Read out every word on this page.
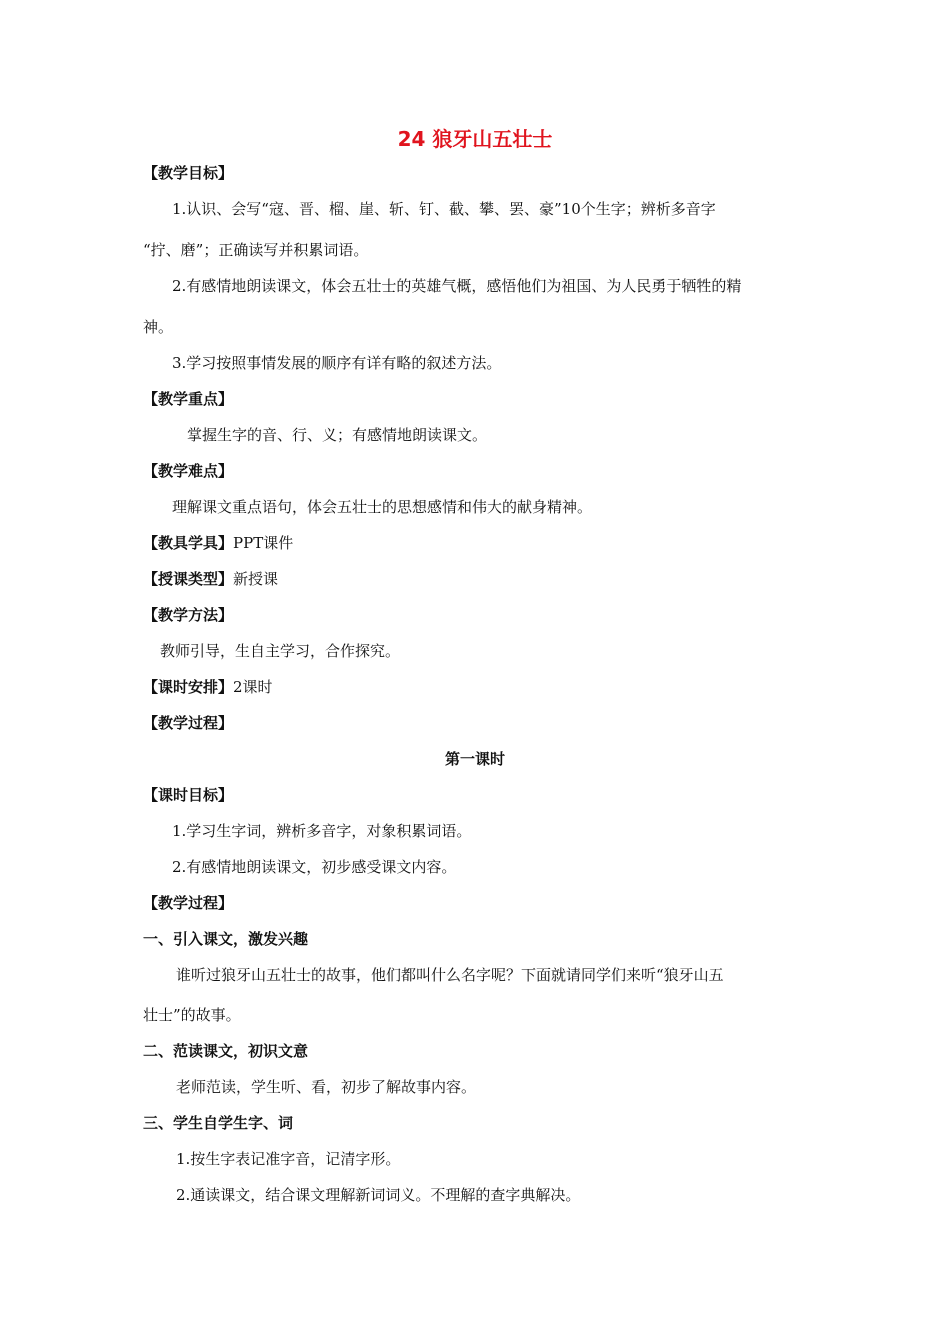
24 狼牙山五壮士
【教学目标】
1.认识、会写“寇、晋、榴、崖、斩、钉、截、攀、罢、豪”10个生字；辨析多音字
“拧、磨”；正确读写并积累词语。
2.有感情地朗读课文，体会五壮士的英雄气概，感悟他们为祖国、为人民勇于牺牲的精
神。
3.学习按照事情发展的顺序有详有略的叙述方法。
【教学重点】
掌握生字的音、行、义；有感情地朗读课文。
【教学难点】
理解课文重点语句，体会五壮士的思想感情和伟大的献身精神。
【教具学具】PPT课件
【授课类型】新授课
【教学方法】
教师引导，生自主学习，合作探究。
【课时安排】2课时
【教学过程】
第一课时
【课时目标】
1.学习生字词，辨析多音字，对象积累词语。
2.有感情地朗读课文，初步感受课文内容。
【教学过程】
一、引入课文，激发兴趣
谁听过狼牙山五壮士的故事，他们都叫什么名字呢？下面就请同学们来听“狼牙山五
壮士”的故事。
二、范读课文，初识文意
老师范读，学生听、看，初步了解故事内容。
三、学生自学生字、词
1.按生字表记准字音，记清字形。
2.通读课文，结合课文理解新词词义。不理解的查字典解决。
